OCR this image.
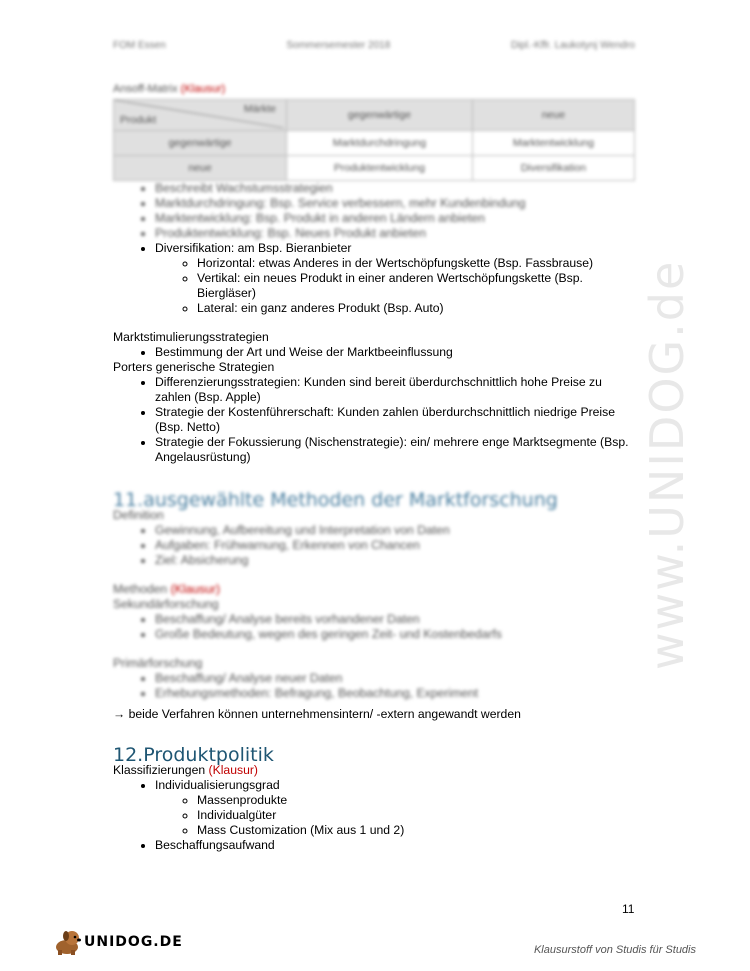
FOM Essen	Sommersemester 2018	Dipl.-Kffr. Laukotynj Wendro
www.UNIDOG.de
Ansoff-Matrix (Klausur)
Märkte
Produkt	gegenwärtige	neue
gegenwärtige	Marktdurchdringung	Marktentwicklung
neue	Produktentwicklung	Diversifikation
• Beschreibt Wachstumsstrategien
• Marktdurchdringung: Bsp. Service verbessern, mehr Kundenbindung
• Marktentwicklung: Bsp. Produkt in anderen Ländern anbieten
• Produktentwicklung: Bsp. Neues Produkt anbieten
• Diversifikation: am Bsp. Bieranbieter
◦ Horizontal: etwas Anderes in der Wertschöpfungskette (Bsp. Fassbrause)
◦ Vertikal: ein neues Produkt in einer anderen Wertschöpfungskette (Bsp. Biergläser)
◦ Lateral: ein ganz anderes Produkt (Bsp. Auto)
Marktstimulierungsstrategien
• Bestimmung der Art und Weise der Marktbeeinflussung
Porters generische Strategien
• Differenzierungsstrategien: Kunden sind bereit überdurchschnittlich hohe Preise zu zahlen (Bsp. Apple)
• Strategie der Kostenführerschaft: Kunden zahlen überdurchschnittlich niedrige Preise (Bsp. Netto)
• Strategie der Fokussierung (Nischenstrategie): ein/ mehrere enge Marktsegmente (Bsp. Angelausrüstung)
11.ausgewählte Methoden der Marktforschung
Definition
• Gewinnung, Aufbereitung und Interpretation von Daten
• Aufgaben: Frühwarnung, Erkennen von Chancen
• Ziel: Absicherung
Methoden (Klausur)
Sekundärforschung
• Beschaffung/ Analyse bereits vorhandener Daten
• Große Bedeutung, wegen des geringen Zeit- und Kostenbedarfs
Primärforschung
• Beschaffung/ Analyse neuer Daten
• Erhebungsmethoden: Befragung, Beobachtung, Experiment
→ beide Verfahren können unternehmensintern/ -extern angewandt werden
12.Produktpolitik
Klassifizierungen (Klausur)
• Individualisierungsgrad
◦ Massenprodukte
◦ Individualgüter
◦ Mass Customization (Mix aus 1 und 2)
• Beschaffungsaufwand
11
UNIDOG.DE	Klausurstoff von Studis für Studis
